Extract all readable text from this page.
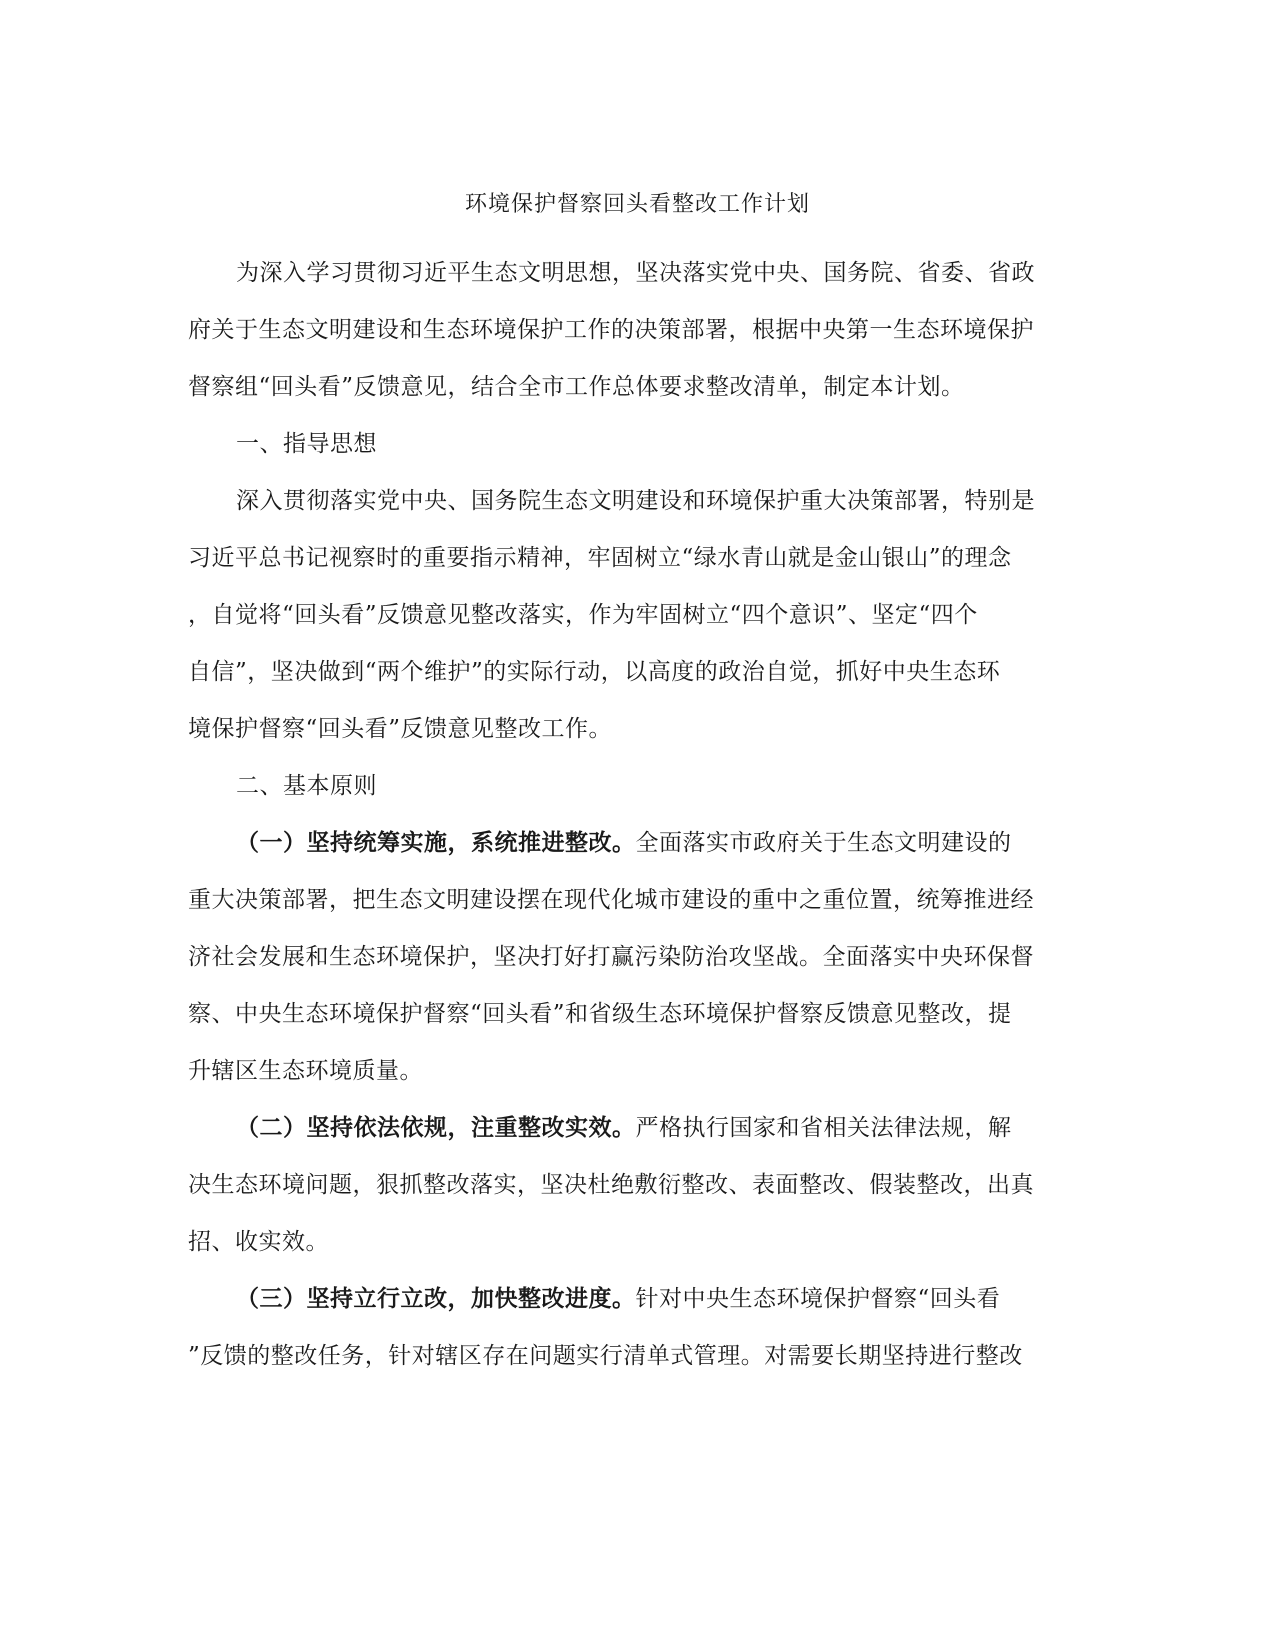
环境保护督察回头看整改工作计划
为深入学习贯彻习近平生态文明思想，坚决落实党中央、国务院、省委、省政
府关于生态文明建设和生态环境保护工作的决策部署，根据中央第一生态环境保护
督察组“回头看”反馈意见，结合全市工作总体要求整改清单，制定本计划。
一、指导思想
深入贯彻落实党中央、国务院生态文明建设和环境保护重大决策部署，特别是
习近平总书记视察时的重要指示精神，牢固树立“绿水青山就是金山银山”的理念
，自觉将“回头看”反馈意见整改落实，作为牢固树立“四个意识”、坚定“四个
自信”，坚决做到“两个维护”的实际行动，以高度的政治自觉，抓好中央生态环
境保护督察“回头看”反馈意见整改工作。
二、基本原则
（一）坚持统筹实施，系统推进整改。全面落实市政府关于生态文明建设的
重大决策部署，把生态文明建设摆在现代化城市建设的重中之重位置，统筹推进经
济社会发展和生态环境保护，坚决打好打赢污染防治攻坚战。全面落实中央环保督
察、中央生态环境保护督察“回头看”和省级生态环境保护督察反馈意见整改，提
升辖区生态环境质量。
（二）坚持依法依规，注重整改实效。严格执行国家和省相关法律法规，解
决生态环境问题，狠抓整改落实，坚决杜绝敷衍整改、表面整改、假装整改，出真
招、收实效。
（三）坚持立行立改，加快整改进度。针对中央生态环境保护督察“回头看
”反馈的整改任务，针对辖区存在问题实行清单式管理。对需要长期坚持进行整改
